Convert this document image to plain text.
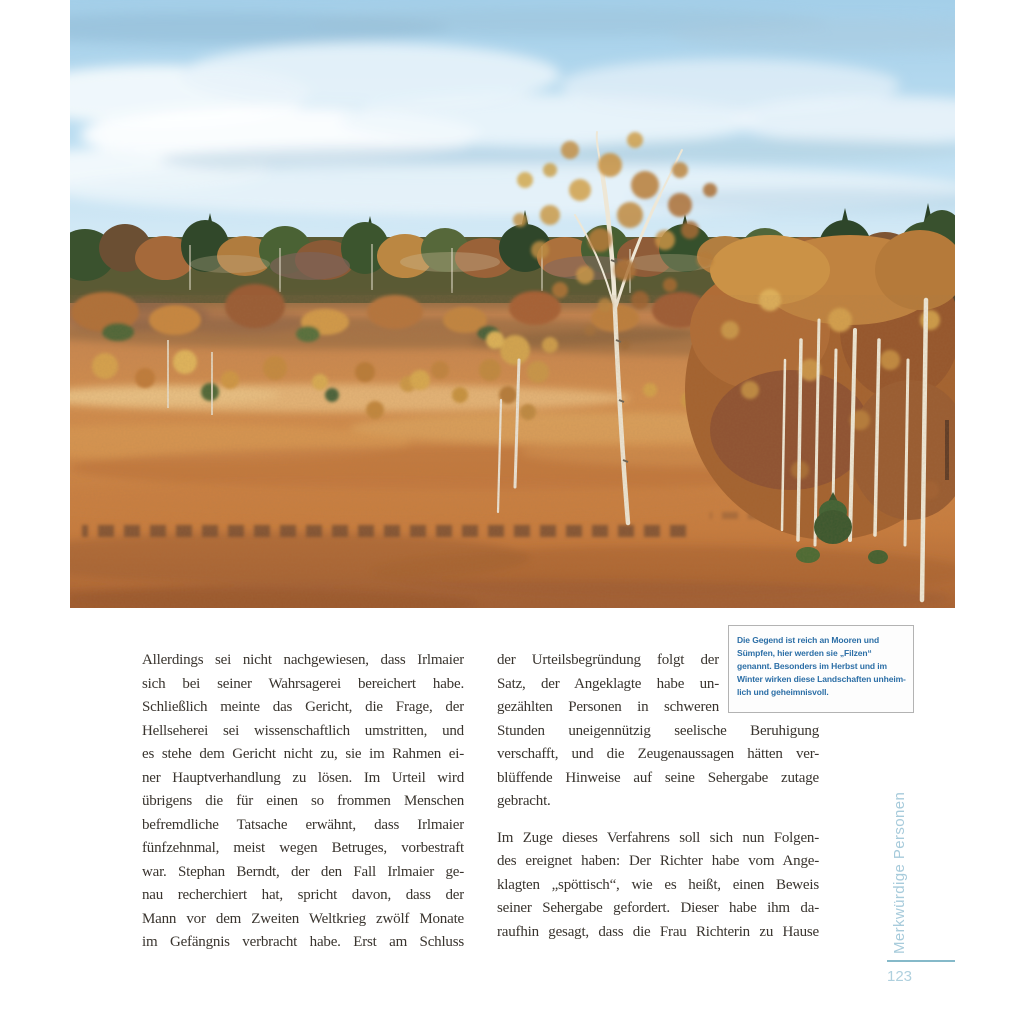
Die Gegend ist reich an Mooren und
Sümpfen, hier werden sie „Filzen“
genannt. Besonders im Herbst und im
Winter wirken diese Landschaften unheim-
lich und geheimnisvoll.
Allerdings sei nicht nachgewiesen, dass Irlmaier
sich bei seiner Wahrsagerei bereichert habe.
Schließlich meinte das Gericht, die Frage, der
Hellseherei sei wissenschaftlich umstritten, und
es stehe dem Gericht nicht zu, sie im Rahmen ei-
ner Hauptverhandlung zu lösen. Im Urteil wird
übrigens die für einen so frommen Menschen
befremdliche Tatsache erwähnt, dass Irlmaier
fünfzehnmal, meist wegen Betruges, vorbestraft
war. Stephan Berndt, der den Fall Irlmaier ge-
nau recherchiert hat, spricht davon, dass der
Mann vor dem Zweiten Weltkrieg zwölf Monate
im Gefängnis verbracht habe. Erst am Schluss
der Urteilsbegründung folgt der
Satz, der Angeklagte habe un-
gezählten Personen in schweren
Stunden uneigennützig seelische Beruhigung
verschafft, und die Zeugenaussagen hätten ver-
blüffende Hinweise auf seine Sehergabe zutage
gebracht.
Im Zuge dieses Verfahrens soll sich nun Folgen-
des ereignet haben: Der Richter habe vom Ange-
klagten „spöttisch“, wie es heißt, einen Beweis
seiner Sehergabe gefordert. Dieser habe ihm da-
raufhin gesagt, dass die Frau Richterin zu Hause	Merkwürdige Personen
123
